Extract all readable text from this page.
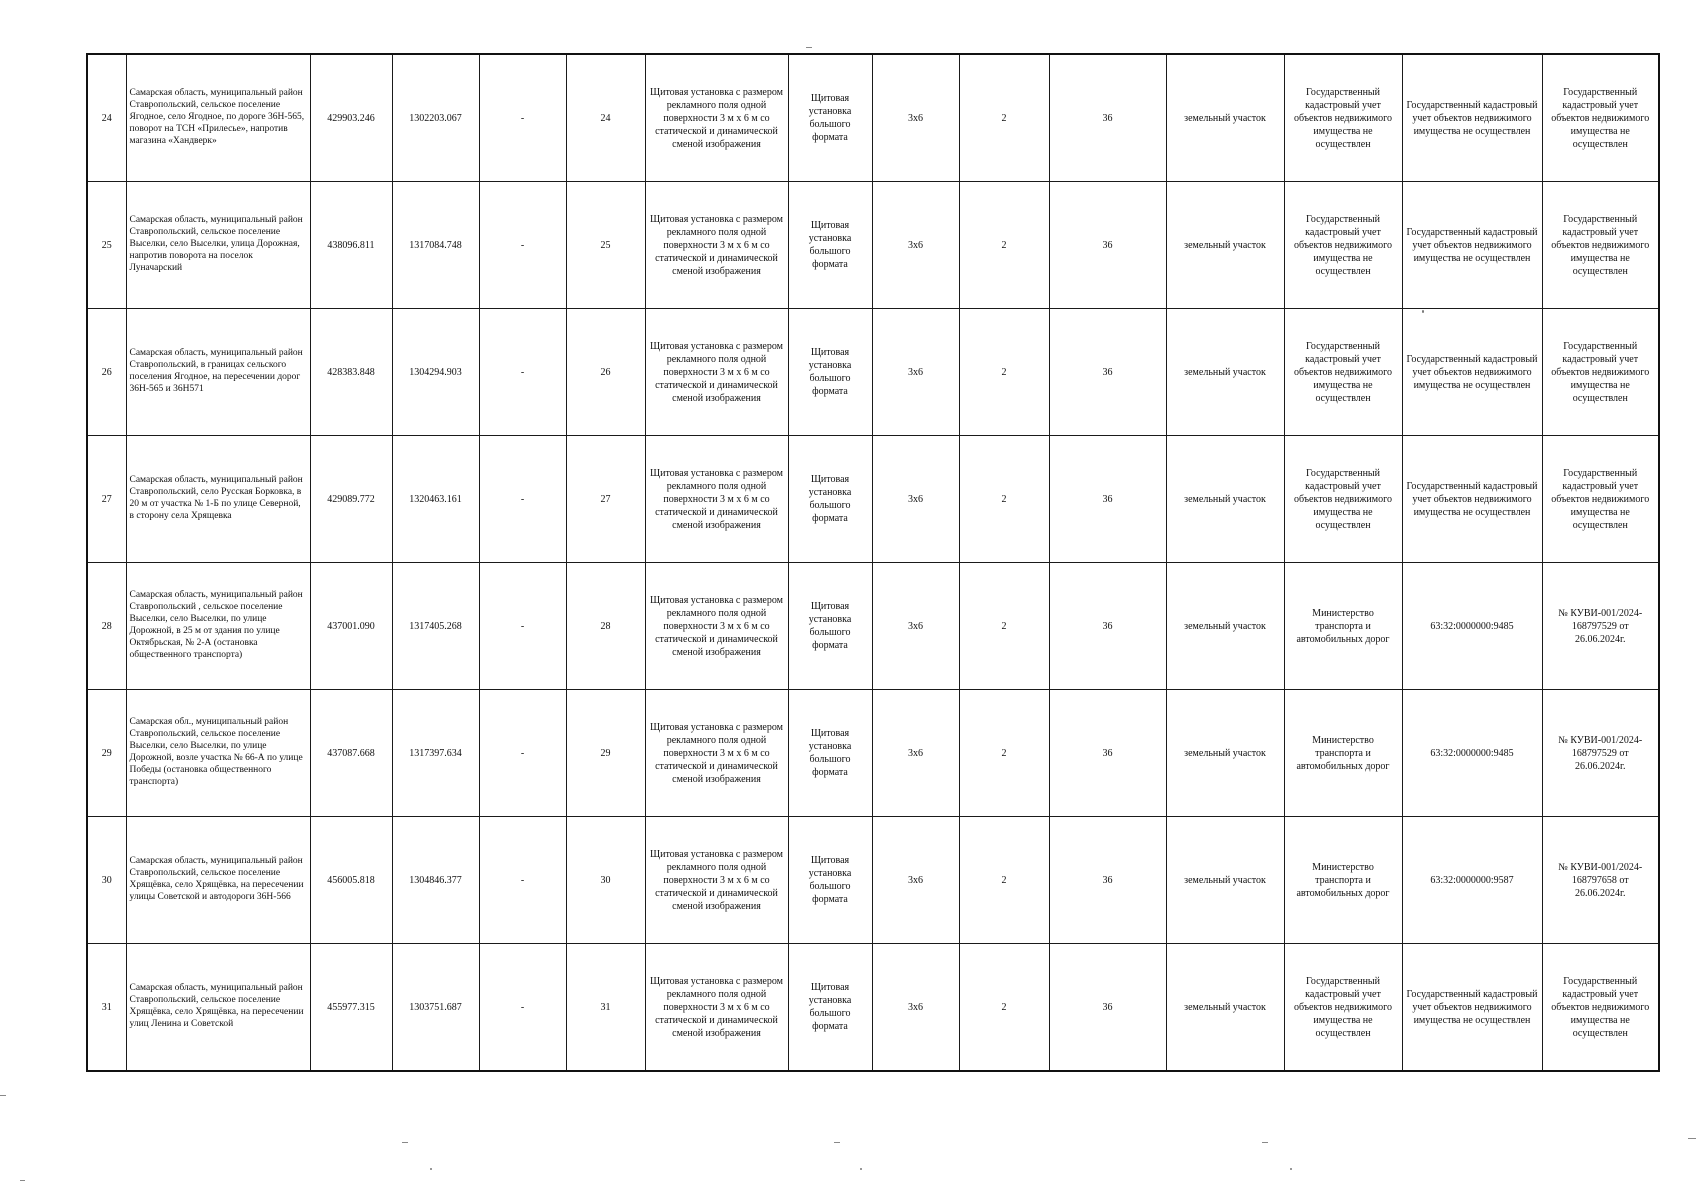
24	Самарская область, муниципальный район Ставропольский, сельское поселение Ягодное, село Ягодное, по дороге 36Н-565, поворот на ТСН «Прилесье», напротив магазина «Хандверк»	429903.246	1302203.067	-	24	Щитовая установка с размером рекламного поля одной поверхности 3 м х 6 м со статической и динамической сменой изображения	Щитовая установка большого формата	3х6	2	36	земельный участок	Государственный кадастровый учет объектов недвижимого имущества не осуществлен	Государственный кадастровый учет объектов недвижимого имущества не осуществлен	Государственный кадастровый учет объектов недвижимого имущества не осуществлен
25	Самарская область, муниципальный район Ставропольский, сельское поселение Выселки, село Выселки, улица Дорожная, напротив поворота на поселок Луначарский	438096.811	1317084.748	-	25	Щитовая установка с размером рекламного поля одной поверхности 3 м х 6 м со статической и динамической сменой изображения	Щитовая установка большого формата	3х6	2	36	земельный участок	Государственный кадастровый учет объектов недвижимого имущества не осуществлен	Государственный кадастровый учет объектов недвижимого имущества не осуществлен	Государственный кадастровый учет объектов недвижимого имущества не осуществлен
26	Самарская область, муниципальный район Ставропольский, в границах сельского поселения Ягодное, на пересечении дорог 36Н-565 и 36Н571	428383.848	1304294.903	-	26	Щитовая установка с размером рекламного поля одной поверхности 3 м х 6 м со статической и динамической сменой изображения	Щитовая установка большого формата	3х6	2	36	земельный участок	Государственный кадастровый учет объектов недвижимого имущества не осуществлен	Государственный кадастровый учет объектов недвижимого имущества не осуществлен	Государственный кадастровый учет объектов недвижимого имущества не осуществлен
27	Самарская область, муниципальный район Ставропольский, село Русская Борковка, в 20 м от участка № 1-Б по улице Северной, в сторону села Хрящевка	429089.772	1320463.161	-	27	Щитовая установка с размером рекламного поля одной поверхности 3 м х 6 м со статической и динамической сменой изображения	Щитовая установка большого формата	3х6	2	36	земельный участок	Государственный кадастровый учет объектов недвижимого имущества не осуществлен	Государственный кадастровый учет объектов недвижимого имущества не осуществлен	Государственный кадастровый учет объектов недвижимого имущества не осуществлен
28	Самарская область, муниципальный район Ставропольский , сельское поселение Выселки, село Выселки, по улице Дорожной, в 25 м от здания по улице Октябрьская, № 2-А (остановка общественного транспорта)	437001.090	1317405.268	-	28	Щитовая установка с размером рекламного поля одной поверхности 3 м х 6 м со статической и динамической сменой изображения	Щитовая установка большого формата	3х6	2	36	земельный участок	Министерство транспорта и автомобильных дорог	63:32:0000000:9485	№ КУВИ-001/2024-168797529 от 26.06.2024г.
29	Самарская обл., муниципальный район Ставропольский, сельское поселение Выселки, село Выселки, по улице Дорожной, возле участка № 66-А по улице Победы (остановка общественного транспорта)	437087.668	1317397.634	-	29	Щитовая установка с размером рекламного поля одной поверхности 3 м х 6 м со статической и динамической сменой изображения	Щитовая установка большого формата	3х6	2	36	земельный участок	Министерство транспорта и автомобильных дорог	63:32:0000000:9485	№ КУВИ-001/2024-168797529 от 26.06.2024г.
30	Самарская область, муниципальный район Ставропольский, сельское поселение Хрящёвка, село Хрящёвка, на пересечении улицы Советской и автодороги 36Н-566	456005.818	1304846.377	-	30	Щитовая установка с размером рекламного поля одной поверхности 3 м х 6 м со статической и динамической сменой изображения	Щитовая установка большого формата	3х6	2	36	земельный участок	Министерство транспорта и автомобильных дорог	63:32:0000000:9587	№ КУВИ-001/2024-168797658 от 26.06.2024г.
31	Самарская область, муниципальный район Ставропольский, сельское поселение Хрящёвка, село Хрящёвка, на пересечении улиц Ленина и Советской	455977.315	1303751.687	-	31	Щитовая установка с размером рекламного поля одной поверхности 3 м х 6 м со статической и динамической сменой изображения	Щитовая установка большого формата	3х6	2	36	земельный участок	Государственный кадастровый учет объектов недвижимого имущества не осуществлен	Государственный кадастровый учет объектов недвижимого имущества не осуществлен	Государственный кадастровый учет объектов недвижимого имущества не осуществлен
